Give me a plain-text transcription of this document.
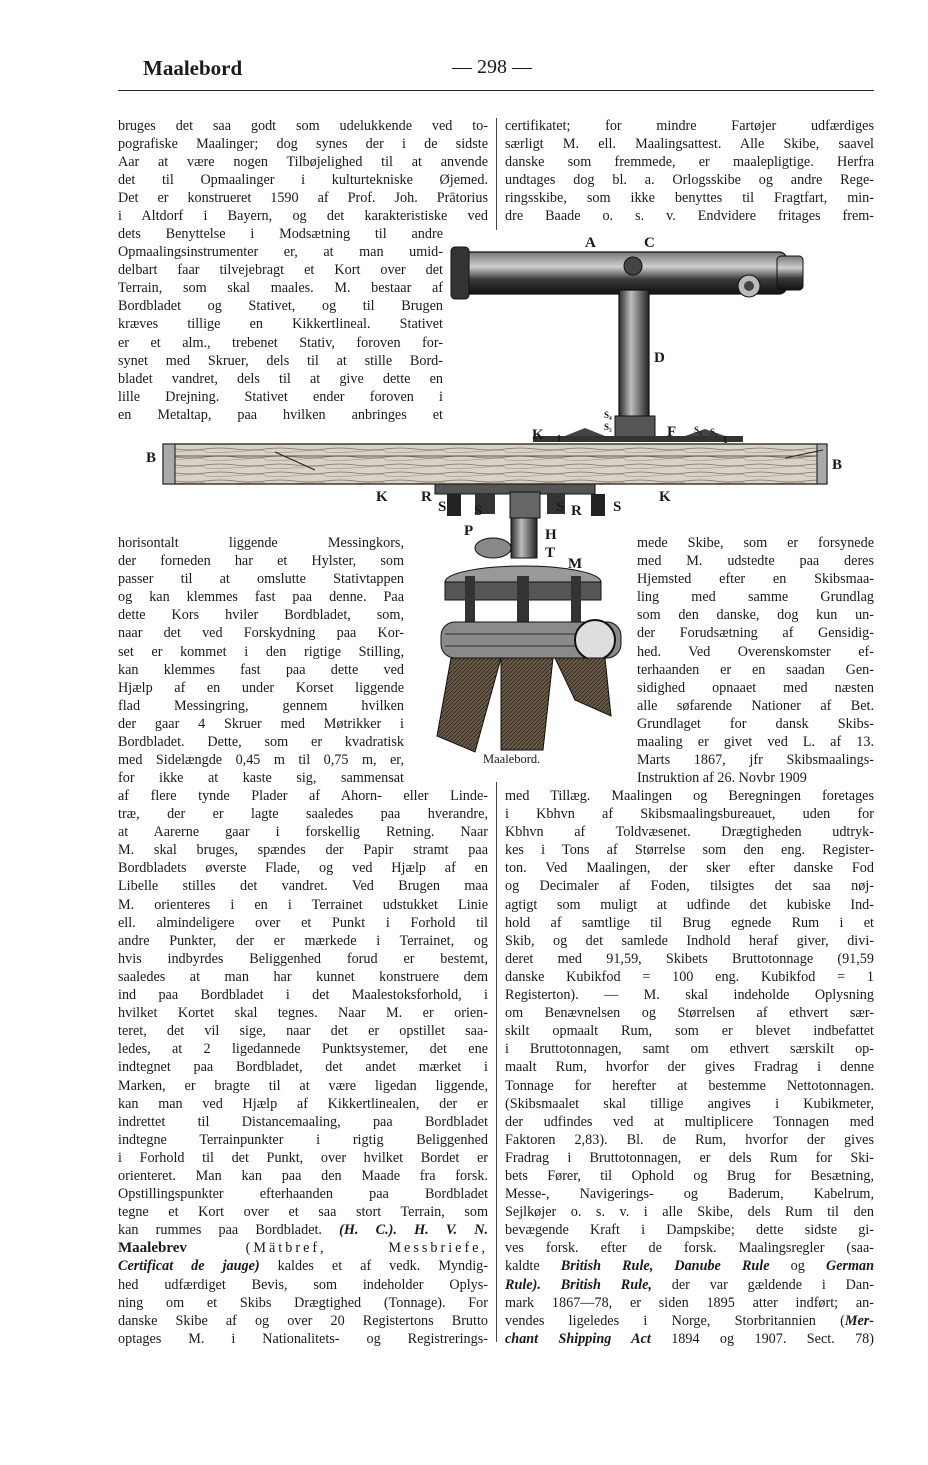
Maalebord	— 298 —

bruges det saa godt som udelukkende ved to-
pografiske Maalinger; dog synes der i de sidste
Aar at være nogen Tilbøjelighed til at anvende
det til Opmaalinger i kulturtekniske Øjemed.
Det er konstrueret 1590 af Prof. Joh. Prātorius
i Altdorf i Bayern, og det karakteristiske ved

certifikatet; for mindre Fartøjer udfærdiges
særligt M. ell. Maalingsattest. Alle Skibe, saavel
danske som fremmede, er maalepligtige. Herfra
undtages dog bl. a. Orlogsskibe og andre Rege-
ringsskibe, som ikke benyttes til Fragtfart, min-
dre Baade o. s. v. Endvidere fritages frem-

dets Benyttelse i Modsætning til andre
Opmaalingsinstrumenter er, at man umid-
delbart faar tilvejebragt et Kort over det
Terrain, som skal maales. M. bestaar af
Bordbladet og Stativet, og til Brugen
kræves tillige en Kikkertlineal. Stativet
er et alm., trebenet Stativ, foroven for-
synet med Skruer, dels til at stille Bord-
bladet vandret, dels til at give dette en
lille Drejning. Stativet ender foroven i
en Metaltap, paa hvilken anbringes et

A	C
D
K t
S₄
S₃	F S₁ S₂ t
B	B
K R
S S	S R S
K
P	H
T
M
Maalebord.

horisontalt liggende Messingkors,
der forneden har et Hylster, som
passer til at omslutte Stativtappen
og kan klemmes fast paa denne. Paa
dette Kors hviler Bordbladet, som,
naar det ved Forskydning paa Kor-
set er kommet i den rigtige Stilling,
kan klemmes fast paa dette ved
Hjælp af en under Korset liggende
flad Messingring, gennem hvilken
der gaar 4 Skruer med Møtrikker i
Bordbladet. Dette, som er kvadratisk
med Sidelængde 0,45 m til 0,75 m, er,
for ikke at kaste sig, sammensat

mede Skibe, som er forsynede
med M. udstedte paa deres
Hjemsted efter en Skibsmaa-
ling med samme Grundlag
som den danske, dog kun un-
der Forudsætning af Gensidig-
hed. Ved Overenskomster ef-
terhaanden er en saadan Gen-
sidighed opnaaet med næsten
alle søfarende Nationer af Bet.
Grundlaget for dansk Skibs-
maaling er givet ved L. af 13.
Marts 1867, jfr Skibsmaalings-
Instruktion af 26. Novbr 1909

af flere tynde Plader af Ahorn- eller Linde-
træ, der er lagte saaledes paa hverandre,
at Aarerne gaar i forskellig Retning. Naar
M. skal bruges, spændes der Papir stramt paa
Bordbladets øverste Flade, og ved Hjælp af en
Libelle stilles det vandret. Ved Brugen maa
M. orienteres i en i Terrainet udstukket Linie
ell. almindeligere over et Punkt i Forhold til
andre Punkter, der er mærkede i Terrainet, og
hvis indbyrdes Beliggenhed forud er bestemt,
saaledes at man har kunnet konstruere dem
ind paa Bordbladet i det Maalestoksforhold, i
hvilket Kortet skal tegnes. Naar M. er orien-
teret, det vil sige, naar det er opstillet saa-
ledes, at 2 ligedannede Punktsystemer, det ene
indtegnet paa Bordbladet, det andet mærket i
Marken, er bragte til at være ligedan liggende,
kan man ved Hjælp af Kikkertlinealen, der er
indrettet til Distancemaaling, paa Bordbladet
indtegne Terrainpunkter i rigtig Beliggenhed
i Forhold til det Punkt, over hvilket Bordet er
orienteret. Man kan paa den Maade fra forsk.
Opstillingspunkter efterhaanden paa Bordbladet
tegne et Kort over et saa stort Terrain, som
kan rummes paa Bordbladet. (H. C.). H. V. N.
Maalebrev	(Mätbref, Messbriefe,
Certificat de jauge) kaldes et af vedk. Myndig-
hed udfærdiget Bevis, som indeholder Oplys-
ning om et Skibs Drægtighed (Tonnage). For
danske Skibe af og over 20 Registertons Brutto
optages M. i Nationalitets- og Registrerings-

med Tillæg. Maalingen og Beregningen foretages
i Kbhvn af Skibsmaalingsbureauet, uden for
Kbhvn af Toldvæsenet. Drægtigheden udtryk-
kes i Tons af Størrelse som den eng. Register-
ton. Ved Maalingen, der sker efter danske Fod
og Decimaler af Foden, tilsigtes det saa nøj-
agtigt som muligt at udfinde det kubiske Ind-
hold af samtlige til Brug egnede Rum i et
Skib, og det samlede Indhold heraf giver, divi-
deret med 91,59, Skibets Bruttotonnage (91,59
danske Kubikfod = 100 eng. Kubikfod = 1
Registerton). — M. skal indeholde Oplysning
om Benævnelsen og Størrelsen af ethvert sær-
skilt opmaalt Rum, som er blevet indbefattet
i Bruttotonnagen, samt om ethvert særskilt op-
maalt Rum, hvorfor der gives Fradrag i denne
Tonnage for herefter at bestemme Nettotonnagen.
(Skibsmaalet skal tillige angives i Kubikmeter,
der udfindes ved at multiplicere Tonnagen med
Faktoren 2,83). Bl. de Rum, hvorfor der gives
Fradrag i Bruttotonnagen, er dels Rum for Ski-
bets Fører, til Ophold og Brug for Besætning,
Messe-, Navigerings- og Baderum, Kabelrum,
Sejlkøjer o. s. v. i alle Skibe, dels Rum til den
bevægende Kraft i Dampskibe; dette sidste gi-
ves forsk. efter de forsk. Maalingsregler (saa-
kaldte British Rule, Danube Rule og German
Rule). British Rule, der var gældende i Dan-
mark 1867—78, er siden 1895 atter indført; an-
vendes ligeledes i Norge, Storbritannien (Mer-
chant Shipping Act 1894 og 1907. Sect. 78)
